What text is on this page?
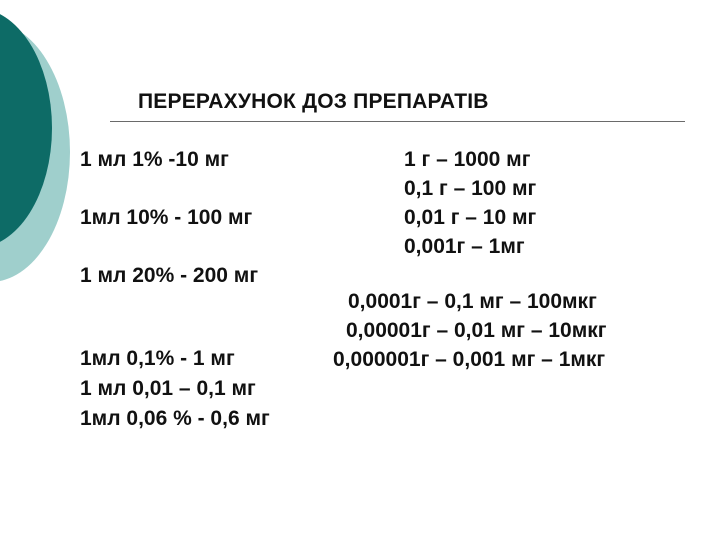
ПЕРЕРАХУНОК ДОЗ ПРЕПАРАТІВ
1 мл 1% -10 мг
1мл 10% - 100 мг
1 мл 20% - 200 мг
1мл 0,1% - 1 мг
1 мл 0,01 – 0,1 мг
1мл 0,06 % - 0,6 мг
1 г – 1000 мг
0,1 г – 100 мг
0,01 г – 10 мг
0,001г – 1мг
0,0001г – 0,1 мг – 100мкг
0,00001г – 0,01 мг – 10мкг
0,000001г – 0,001 мг – 1мкг
